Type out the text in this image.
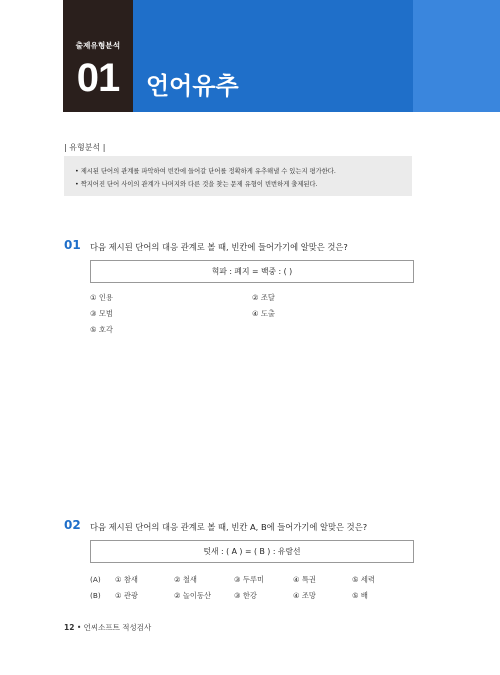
출제유형분석
01	언어유추
| 유형분석 |
• 제시된 단어의 관계를 파악하여 빈칸에 들어갈 단어를 정확하게 유추해낼 수 있는지 평가한다.
• 짝지어진 단어 사이의 관계가 나머지와 다른 것을 찾는 문제 유형이 빈번하게 출제된다.
01 다음 제시된 단어의 대응 관계로 볼 때, 빈칸에 들어가기에 알맞은 것은?
혁파 : 폐지 = 백중 : ( )
① 인용	② 조달
③ 모범	④ 도출
⑤ 호각
02 다음 제시된 단어의 대응 관계로 볼 때, 빈칸 A, B에 들어가기에 알맞은 것은?
텃새 : ( A ) = ( B ) : 유람선
(A) ① 참새	② 철새	③ 두루미	④ 특권	⑤ 세력
(B) ① 관광	② 놀이동산	③ 한강	④ 조망	⑤ 배
12 • 언씨소프트 적성검사
